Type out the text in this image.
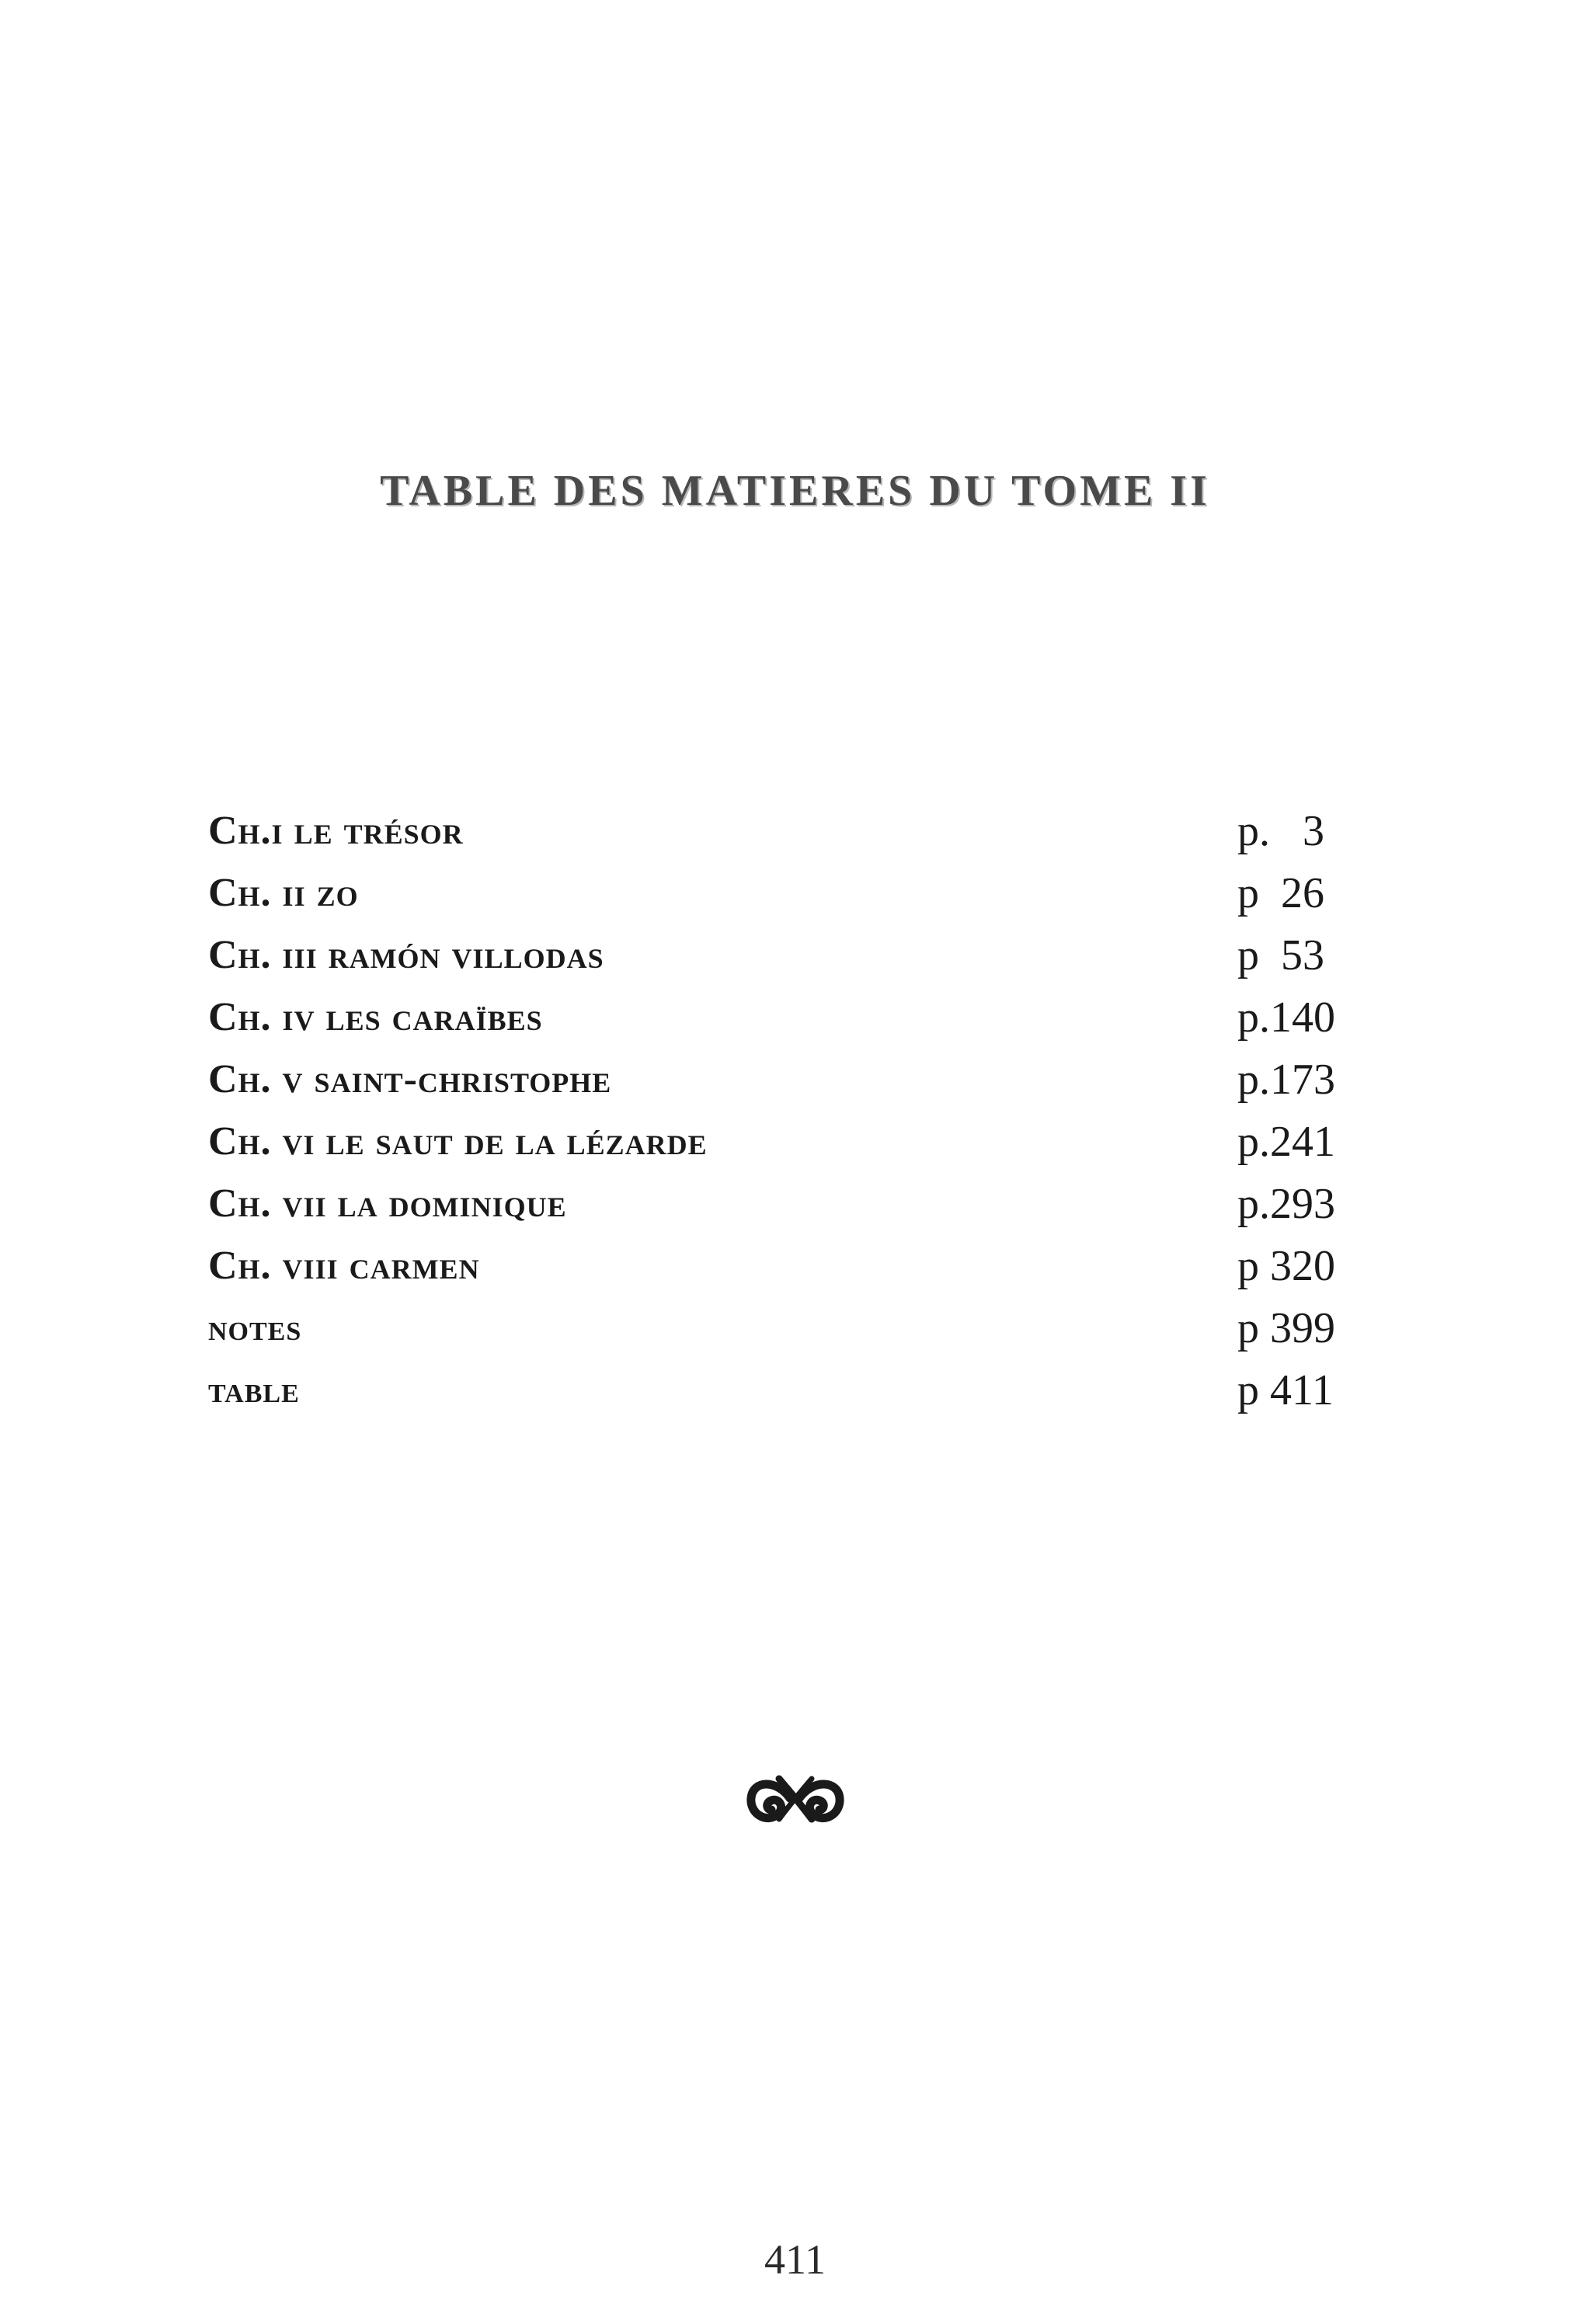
TABLE DES MATIERES DU TOME II
Ch.i le trésor	p.   3
Ch. ii zo	p  26
Ch. iii ramón villodas	p  53
Ch. iv les caraïbes	p.140
Ch. v saint-christophe	p.173
Ch. vi le saut de la lézarde	p.241
Ch. vii la dominique	p.293
Ch. viii carmen	p 320
notes	p 399
table	p 411
411
